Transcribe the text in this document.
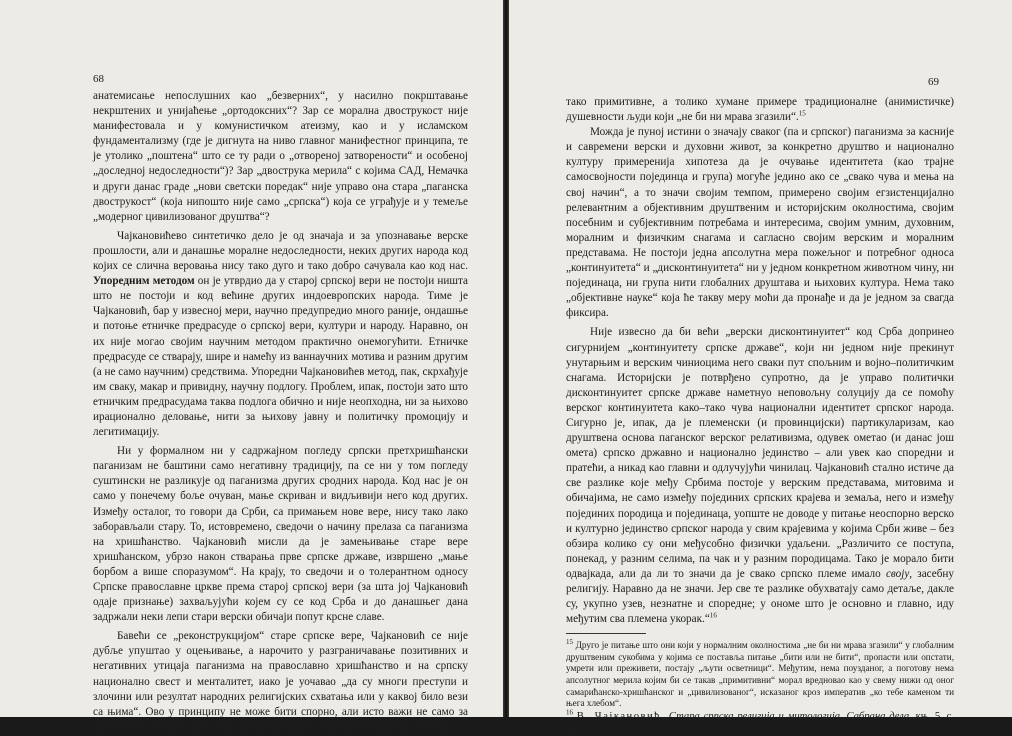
68

анатемисање непослушних као „безверних“, у насилно покрштавање некрштених и унијаћење „ортодоксних“? Зар се морална двострукост није манифестовала и у комунистичком атеизму, као и у исламском фундаментализму (где је дигнута на ниво главног манифестног принципа, те је утолико „поштена“ што се ту ради о „отвореној затворености“ и особеној „доследној недоследности“)? Зар „двострука мерила“ с којима САД, Немачка и други данас граде „нови светски поредак“ није управо она стара „паганска двострукост“ (која нипошто није само „српска“) која се уграђује и у темеље „модерног цивилизованог друштва“?

Чајкановићево синтетичко дело је од значаја и за упознавање верске прошлости, али и данашње моралне недоследности, неких других народа код којих се слична веровања нису тако дуго и тако добро сачувала као код нас. Упоредним методом он је утврдио да у старој српској вери не постоји ништа што не постоји и код већине других индоевропских народа. Тиме је Чајкановић, бар у извесној мери, научно предупредио много раније, ондашње и потоње етничке предрасуде о српској вери, култури и народу. Наравно, он их није могао својим научним методом практично онемогућити. Етничке предрасуде се стварају, шире и намећу из ваннаучних мотива и разним другим (а не само научним) средствима. Упоредни Чајкановићев метод, пак, скрхађује им сваку, макар и привидну, научну подлогу. Проблем, ипак, постоји зато што етничким предрасудама таква подлога обично и није неопходна, ни за њихово ирационално деловање, нити за њихову јавну и политичку промоцију и легитимацију.

Ни у формалном ни у садржајном погледу српски претхришћански паганизам не баштини само негативну традицију, па се ни у том погледу суштински не разликује од паганизма других сродних народа. Код нас је он само у понечему боље очуван, мање скриван и видљивији него код других. Између осталог, то говори да Срби, са примањем нове вере, нису тако лако заборављали стару. То, истовремено, сведочи о начину прелаза са паганизма на хришћанство. Чајкановић мисли да је замењивање старе вере хришћанском, убрзо након стварања прве српске државе, извршено „мање борбом а више споразумом“. На крају, то сведочи и о толерантном односу Српске православне цркве према старој српској вери (за шта јој Чајкановић одаје признање) захваљујући којем су се код Срба и до данашњег дана задржали неки лепи стари верски обичаји попут крсне славе.

Бавећи се „реконструкцијом“ старе српске вере, Чајкановић се није дубље упуштао у оцењивање, а нарочито у разграничавање позитивних и негативних утицаја паганизма на православно хришћанство и на српску национално свест и менталитет, иако је уочавао „да су многи преступи и злочини или резултат народних религијских схватања или у каквој било вези са њима“. Ово у принципу не може бити спорно, али исто важи не само за преступе и злочине, него и за светле примере „чојства и јунаштва“ или оне

69

тако примитивне, а толико хумане примере традиционалне (анимистичке) душевности људи који „не би ни мрава згазили“.$^{15}$

Можда је пуној истини о значају сваког (па и српског) паганизма за касније и савремени верски и духовни живот, за конкретно друштво и национално културу примеренија хипотеза да је очување идентитета (као трајне самосвојности појединца и група) могуће једино ако се „свако чува и мења на свој начин“, а то значи својим темпом, примерено својим егзистенцијално релевантним а објективним друштвеним и историјским околностима, својим посебним и субјективним потребама и интересима, својим умним, духовним, моралним и физичким снагама и сагласно својим верским и моралним представама. Не постоји једна апсолутна мера пожељног и потребног односа „континуитета“ и „дисконтинуитета“ ни у једном конкретном животном чину, ни појединаца, ни група нити глобалних друштава и њихових култура. Нема тако „објективне науке“ која ће такву меру моћи да пронађе и да је једном за свагда фиксира.

Није извесно да би већи „верски дисконтинуитет“ код Срба допринео сигурнијем „континуитету српске државе“, који ни једном није прекинут унутарњим и верским чиниоцима него сваки пут спољним и војно–политичким снагама. Историјски је потврђено супротно, да је управо политички дисконтинуитет српске државе наметнуо неповољну солуцију да се помоћу верског континуитета како–тако чува национални идентитет српског народа. Сигурно је, ипак, да је племенски (и провинцијски) партикуларизам, као друштвена основа паганског верског релативизма, одувек ометао (и данас још омета) српско државно и национално јединство – али увек као споредни и пратећи, а никад као главни и одлучујући чинилац. Чајкановић стално истиче да све разлике које међу Србима постоје у верским представама, митовима и обичајима, не само између појединих српских крајева и земаља, него и између појединих породица и појединаца, уопште не доводе у питање неоспорно верско и културно јединство српског народа у свим крајевима у којима Срби живе – без обзира колико су они међусобно физички удаљени. „Различито се поступа, понекад, у разним селима, па чак и у разним породицама. Тако је морало бити одвајкада, али да ли то значи да је свако српско племе имало своју, засебну религију. Наравно да не значи. Јер све те разлике обухватају само детаље, дакле су, укупно узев, незнатне и споредне; у ономе што је основно и главно, иду међутим сва племена укорак.“$^{16}$

$^{15}$ Друго је питање што они који у нормалним околностима „не би ни мрава згазили“ у глобалним друштвеним сукобима у којима се поставља питање „бити или не бити“, пропасти или опстати, умрети или преживети, постају „љути осветници“. Међутим, нема поузданог, а поготову нема апсолутног мерила којим би се такав „примитивни“ морал вредновао као у свему нижи од оног самарићанско-хришћанског и „цивилизованог“, исказаног кроз императив „ко тебе каменом ти њега хлебом“.

$^{16}$ В. Чајкановић, Стара српска религија и митологија, Сабрана дела, књ. 5, с. 53.
